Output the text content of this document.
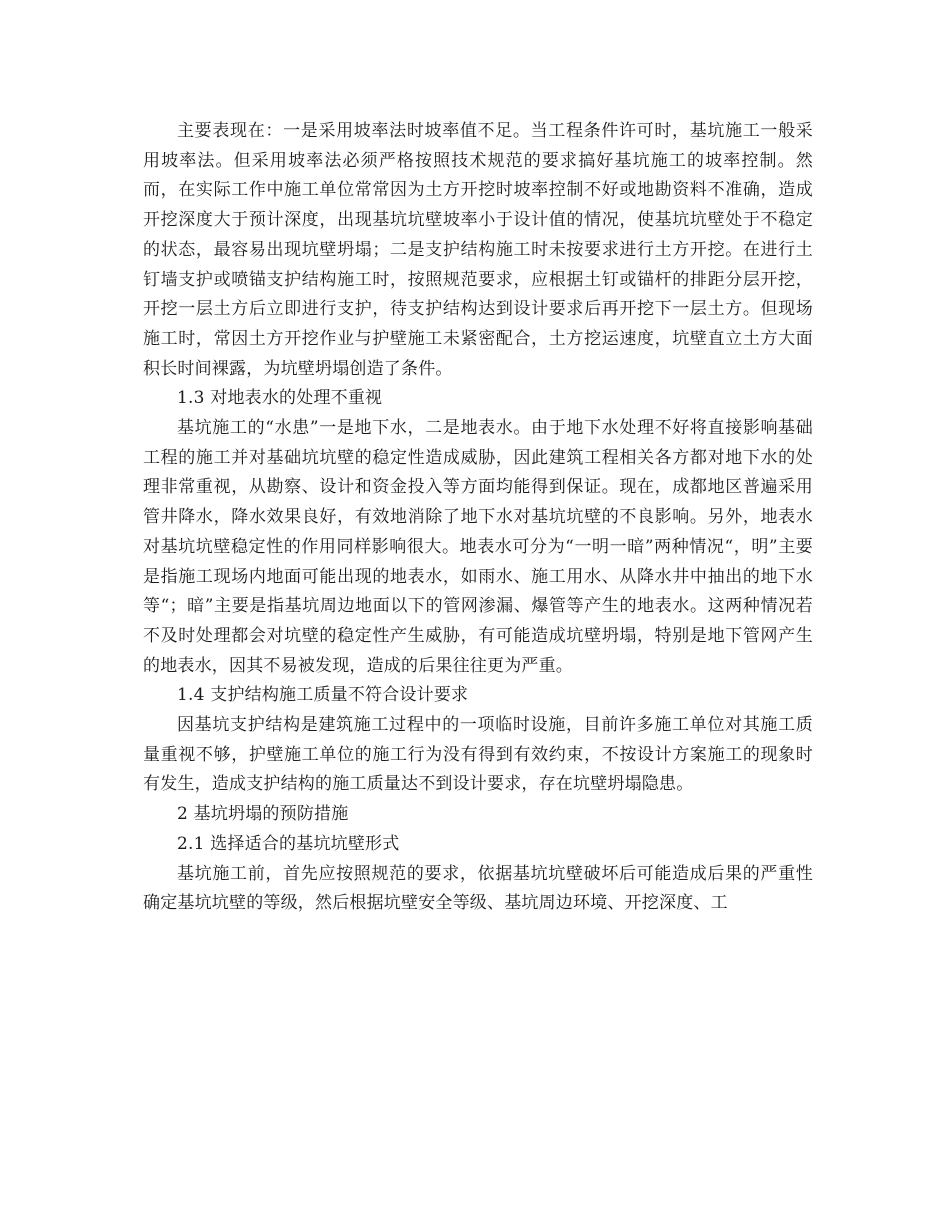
主要表现在：一是采用坡率法时坡率值不足。当工程条件许可时，基坑施工一般采用坡率法。但采用坡率法必须严格按照技术规范的要求搞好基坑施工的坡率控制。然而，在实际工作中施工单位常常因为土方开挖时坡率控制不好或地勘资料不准确，造成开挖深度大于预计深度，出现基坑坑壁坡率小于设计值的情况，使基坑坑壁处于不稳定的状态，最容易出现坑壁坍塌；二是支护结构施工时未按要求进行土方开挖。在进行土钉墙支护或喷锚支护结构施工时，按照规范要求，应根据土钉或锚杆的排距分层开挖，开挖一层土方后立即进行支护，待支护结构达到设计要求后再开挖下一层土方。但现场施工时，常因土方开挖作业与护壁施工未紧密配合，土方挖运速度，坑壁直立土方大面积长时间裸露，为坑壁坍塌创造了条件。

1.3 对地表水的处理不重视

基坑施工的“水患”一是地下水，二是地表水。由于地下水处理不好将直接影响基础工程的施工并对基础坑坑壁的稳定性造成威胁，因此建筑工程相关各方都对地下水的处理非常重视，从勘察、设计和资金投入等方面均能得到保证。现在，成都地区普遍采用管井降水，降水效果良好，有效地消除了地下水对基坑坑壁的不良影响。另外，地表水对基坑坑壁稳定性的作用同样影响很大。地表水可分为“一明一暗”两种情况“，明”主要是指施工现场内地面可能出现的地表水，如雨水、施工用水、从降水井中抽出的地下水等“；暗”主要是指基坑周边地面以下的管网渗漏、爆管等产生的地表水。这两种情况若不及时处理都会对坑壁的稳定性产生威胁，有可能造成坑壁坍塌，特别是地下管网产生的地表水，因其不易被发现，造成的后果往往更为严重。

1.4 支护结构施工质量不符合设计要求

因基坑支护结构是建筑施工过程中的一项临时设施，目前许多施工单位对其施工质量重视不够，护壁施工单位的施工行为没有得到有效约束，不按设计方案施工的现象时有发生，造成支护结构的施工质量达不到设计要求，存在坑壁坍塌隐患。

2 基坑坍塌的预防措施

2.1 选择适合的基坑坑壁形式

基坑施工前，首先应按照规范的要求，依据基坑坑壁破坏后可能造成后果的严重性确定基坑坑壁的等级，然后根据坑壁安全等级、基坑周边环境、开挖深度、工
